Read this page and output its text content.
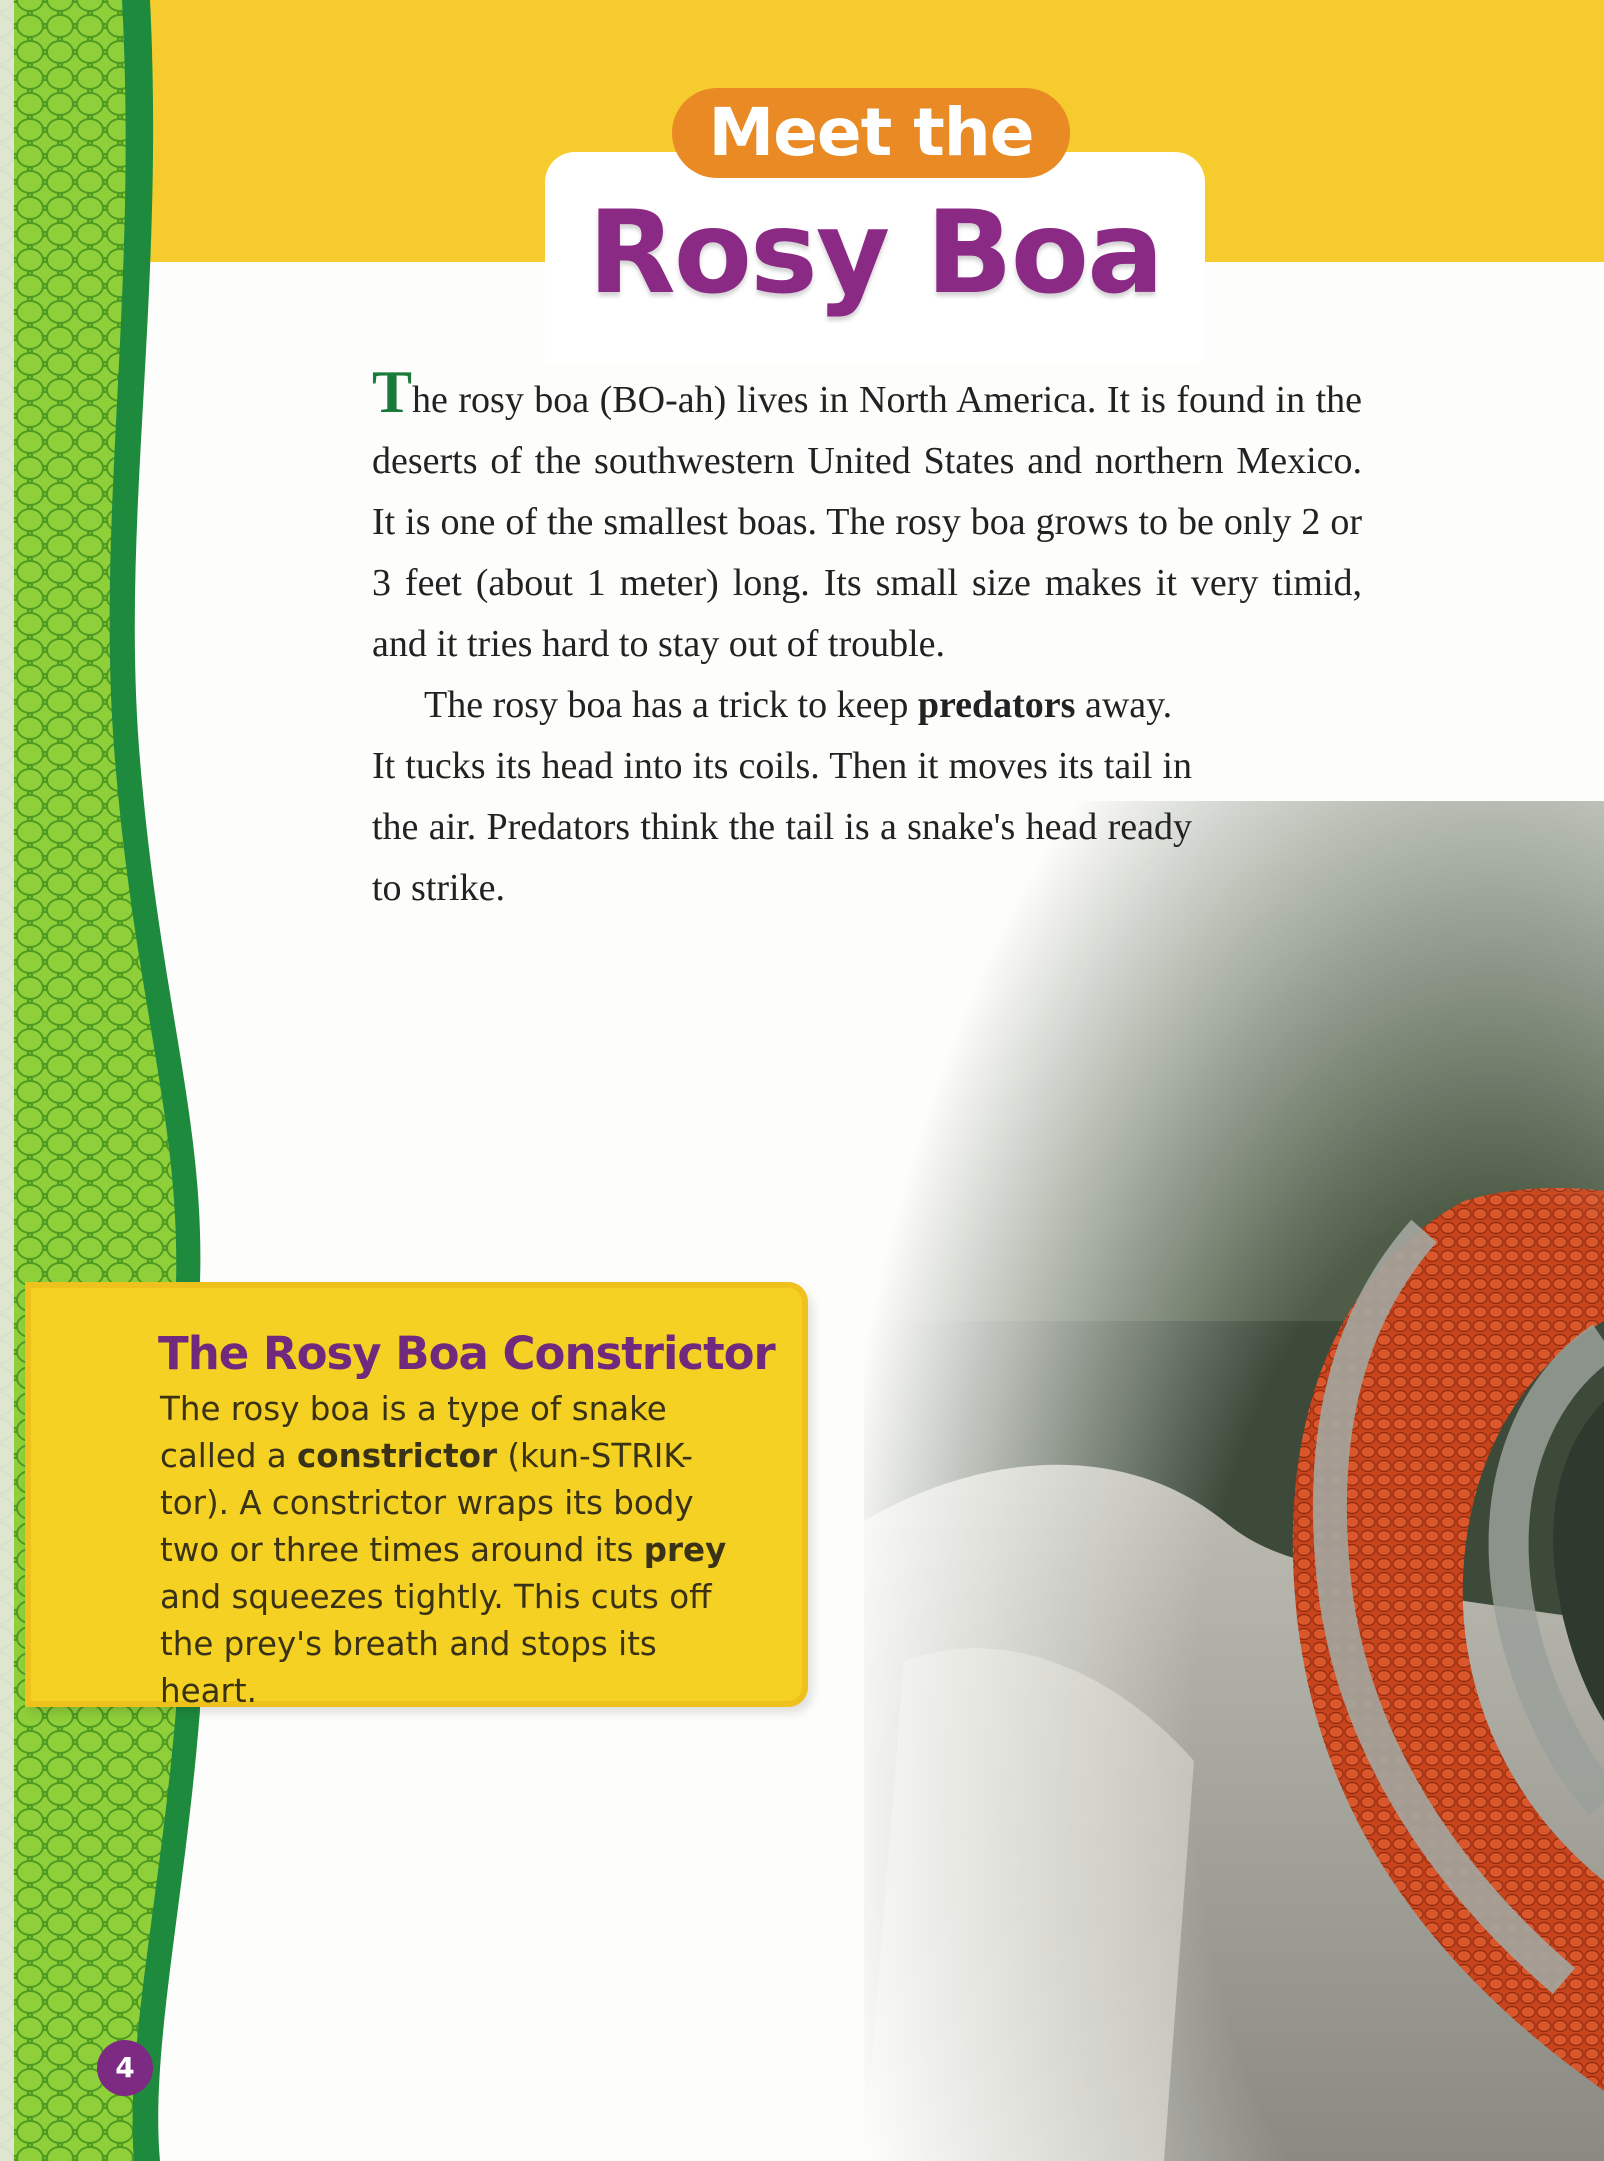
Meet the
Rosy Boa

The rosy boa (BO-ah) lives in North America. It is found in the deserts of the southwestern United States and northern Mexico. It is one of the smallest boas. The rosy boa grows to be only 2 or 3 feet (about 1 meter) long. Its small size makes it very timid, and it tries hard to stay out of trouble.

The rosy boa has a trick to keep predators away.

It tucks its head into its coils. Then it moves its tail in the air. Predators think the tail is a snake's head ready to strike.

The Rosy Boa Constrictor
The rosy boa is a type of snake called a constrictor (kun-STRIK-tor). A constrictor wraps its body two or three times around its prey and squeezes tightly. This cuts off the prey's breath and stops its heart.
4
